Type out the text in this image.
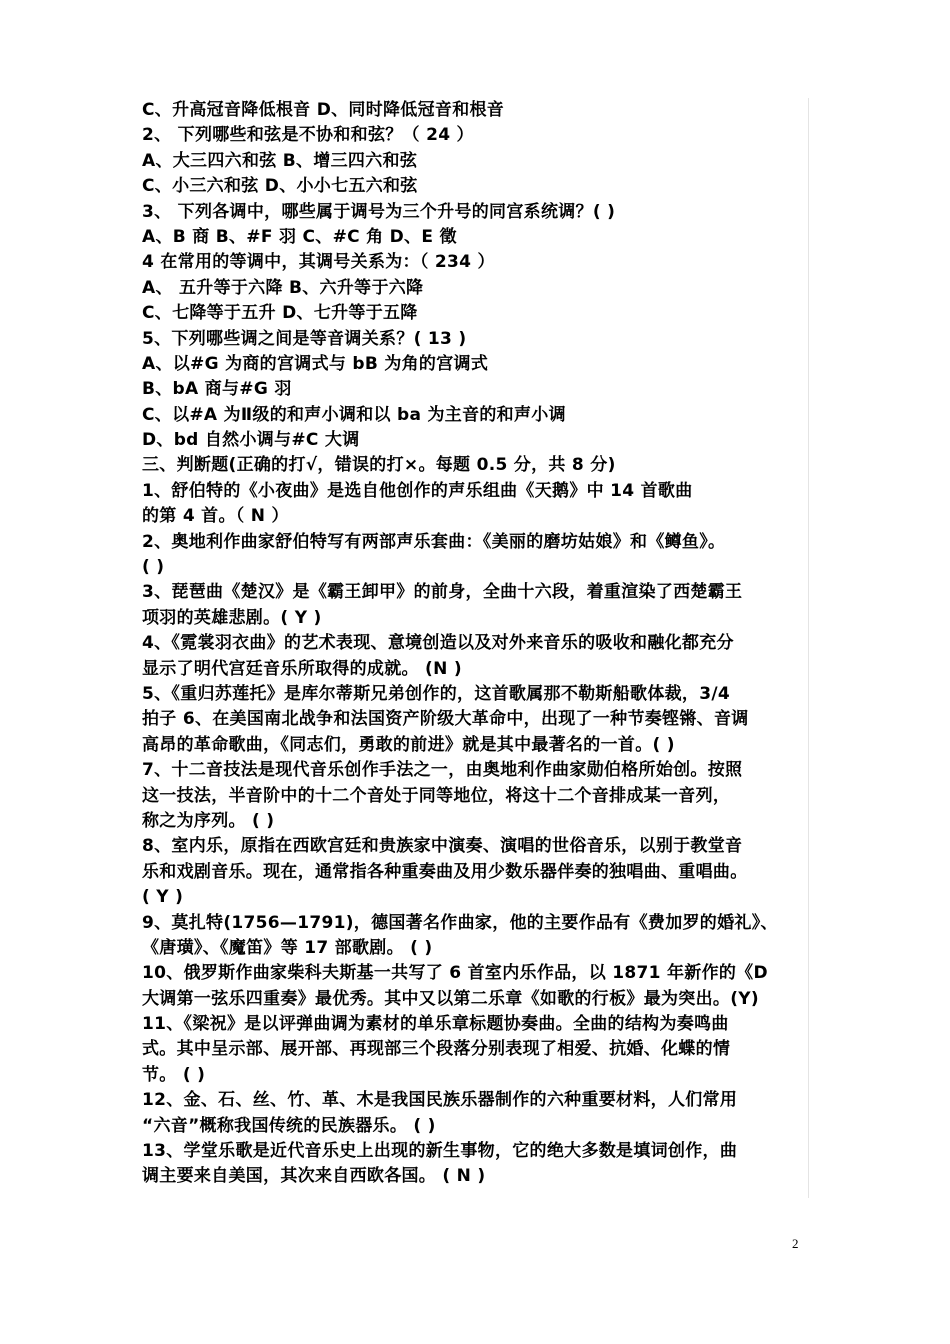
C、升高冠音降低根音 D、同时降低冠音和根音
2、 下列哪些和弦是不协和和弦？（ 24 ）
A、大三四六和弦 B、增三四六和弦
C、小三六和弦 D、小小七五六和弦
3、 下列各调中，哪些属于调号为三个升号的同宫系统调？( )
A、B 商 B、#F 羽 C、#C 角 D、E 徵
4 在常用的等调中，其调号关系为：（ 234 ）
A、 五升等于六降 B、六升等于六降
C、七降等于五升 D、七升等于五降
5、下列哪些调之间是等音调关系？( 13 )
A、以#G 为商的宫调式与 bB 为角的宫调式
B、bA 商与#G 羽
C、以#A 为Ⅱ级的和声小调和以 ba 为主音的和声小调
D、bd 自然小调与#C 大调
三、判断题(正确的打√，错误的打×。每题 0.5 分，共 8 分)
1、舒伯特的《小夜曲》是选自他创作的声乐组曲《天鹅》中 14 首歌曲
的第 4 首。（ N ）
2、奥地利作曲家舒伯特写有两部声乐套曲：《美丽的磨坊姑娘》和《鳟鱼》。
( )
3、琵琶曲《楚汉》是《霸王卸甲》的前身，全曲十六段，着重渲染了西楚霸王
项羽的英雄悲剧。( Y )
4、《霓裳羽衣曲》的艺术表现、意境创造以及对外来音乐的吸收和融化都充分
显示了明代宫廷音乐所取得的成就。 (N )
5、《重归苏莲托》是库尔蒂斯兄弟创作的，这首歌属那不勒斯船歌体裁，3/4
拍子 6、在美国南北战争和法国资产阶级大革命中，出现了一种节奏铿锵、音调
高昂的革命歌曲，《同志们，勇敢的前进》就是其中最著名的一首。( )
7、十二音技法是现代音乐创作手法之一，由奥地利作曲家勋伯格所始创。按照
这一技法，半音阶中的十二个音处于同等地位，将这十二个音排成某一音列，
称之为序列。 ( )
8、室内乐，原指在西欧宫廷和贵族家中演奏、演唱的世俗音乐，以别于教堂音
乐和戏剧音乐。现在，通常指各种重奏曲及用少数乐器伴奏的独唱曲、重唱曲。
( Y )
9、莫扎特(1756—1791)，德国著名作曲家，他的主要作品有《费加罗的婚礼》、
《唐璜》、《魔笛》等 17 部歌剧。 ( )
10、俄罗斯作曲家柴科夫斯基一共写了 6 首室内乐作品，以 1871 年新作的《D
大调第一弦乐四重奏》最优秀。其中又以第二乐章《如歌的行板》最为突出。(Y)
11、《梁祝》是以评弹曲调为素材的单乐章标题协奏曲。全曲的结构为奏鸣曲
式。其中呈示部、展开部、再现部三个段落分别表现了相爱、抗婚、化蝶的情
节。 ( )
12、金、石、丝、竹、革、木是我国民族乐器制作的六种重要材料，人们常用
“六音”概称我国传统的民族器乐。 ( )
13、学堂乐歌是近代音乐史上出现的新生事物，它的绝大多数是填词创作，曲
调主要来自美国，其次来自西欧各国。 ( N )
2
